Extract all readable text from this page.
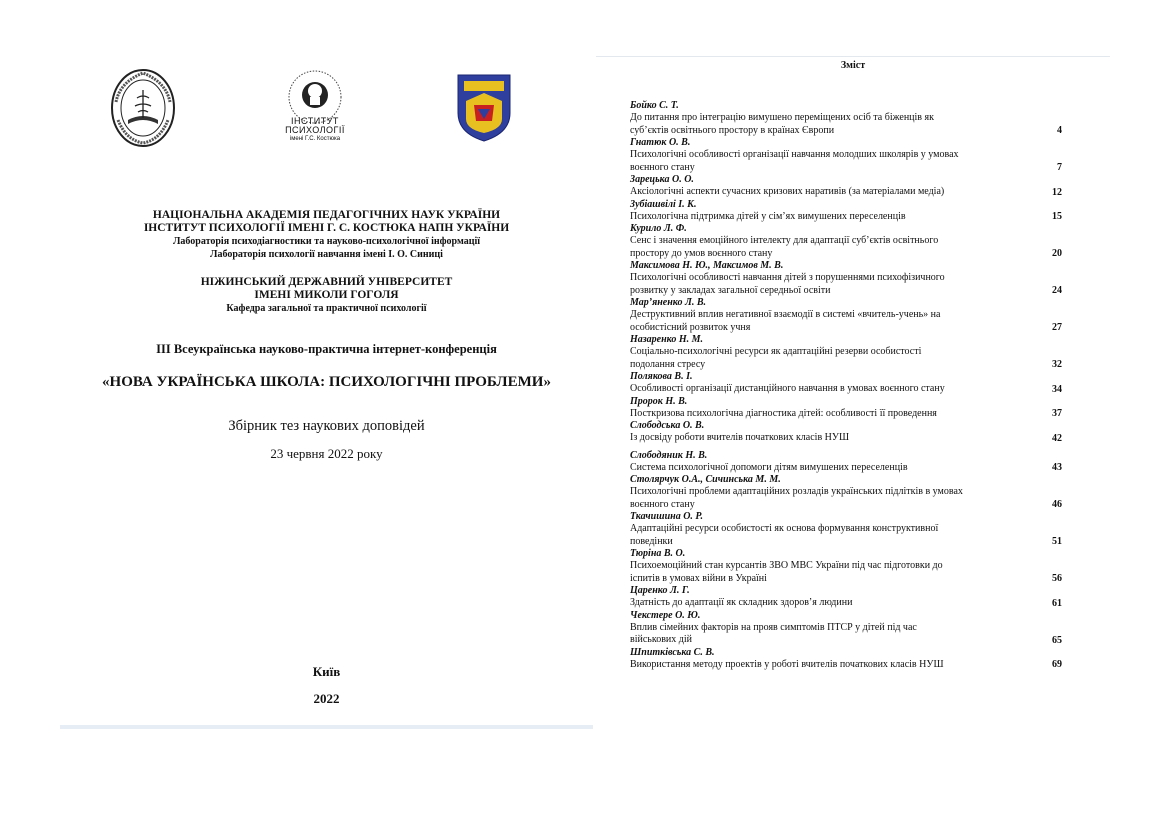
ІНСТИТУТ
ПСИХОЛОГІЇ
імені Г.С. Костюка
НАЦІОНАЛЬНА АКАДЕМІЯ ПЕДАГОГІЧНИХ НАУК УКРАЇНИ
ІНСТИТУТ ПСИХОЛОГІЇ ІМЕНІ Г. С. КОСТЮКА НАПН УКРАЇНИ
Лабораторія психодіагностики та науково-психологічної інформації
Лабораторія психології навчання імені І. О. Синиці
НІЖИНСЬКИЙ ДЕРЖАВНИЙ УНІВЕРСИТЕТ
ІМЕНІ МИКОЛИ ГОГОЛЯ
Кафедра загальної та практичної психології
ІІІ Всеукраїнська науково-практична інтернет-конференція
«НОВА УКРАЇНСЬКА ШКОЛА: ПСИХОЛОГІЧНІ ПРОБЛЕМИ»
Збірник тез наукових доповідей
23 червня 2022 року
Київ
2022
Зміст
Бойко С. Т.
До питання про інтеграцію вимушено переміщених осіб та біженців як
суб’єктів освітнього простору в країнах Європи	4
Гнатюк О. В.
Психологічні особливості організації навчання молодших школярів у умовах
воєнного стану	7
Зарецька О. О.
Аксіологічні аспекти сучасних кризових наративів (за матеріалами медіа)	12
Зубіашвілі І. К.
Психологічна підтримка дітей у сім’ях вимушених переселенців	15
Курило Л. Ф.
Сенс і значення емоційного інтелекту для адаптації суб’єктів освітнього
простору до умов воєнного стану	20
Максимова Н. Ю., Максимов М. В.
Психологічні особливості навчання дітей з порушеннями психофізичного
розвитку у закладах загальної середньої освіти	24
Мар’яненко Л. В.
Деструктивний вплив негативної взаємодії в системі «вчитель-учень» на
особистісний розвиток учня	27
Назаренко Н. М.
Соціально-психологічні ресурси як адаптаційні резерви особистості
подолання стресу	32
Полякова В. І.
Особливості організації дистанційного навчання в умовах воєнного стану	34
Пророк Н. В.
Посткризова психологічна діагностика дітей: особливості її проведення	37
Слободська О. В.
Із досвіду роботи вчителів початкових класів НУШ	42
Слободяник Н. В.
Система психологічної допомоги дітям вимушених переселенців	43
Столярчук О.А., Сичинська М. М.
Психологічні проблеми адаптаційних розладів українських підлітків в умовах
воєнного стану	46
Ткачишина О. Р.
Адаптаційні ресурси особистості як основа формування конструктивної
поведінки	51
Тюріна В. О.
Психоемоційний стан курсантів ЗВО МВС України під час підготовки до
іспитів в умовах війни в Україні	56
Царенко Л. Г.
Здатність до адаптації як складник здоров’я людини	61
Чекстере О. Ю.
Вплив сімейних факторів на прояв симптомів ПТСР у дітей під час
військових дій	65
Шпитківська С. В.
Використання методу проектів у роботі вчителів початкових класів НУШ	69
